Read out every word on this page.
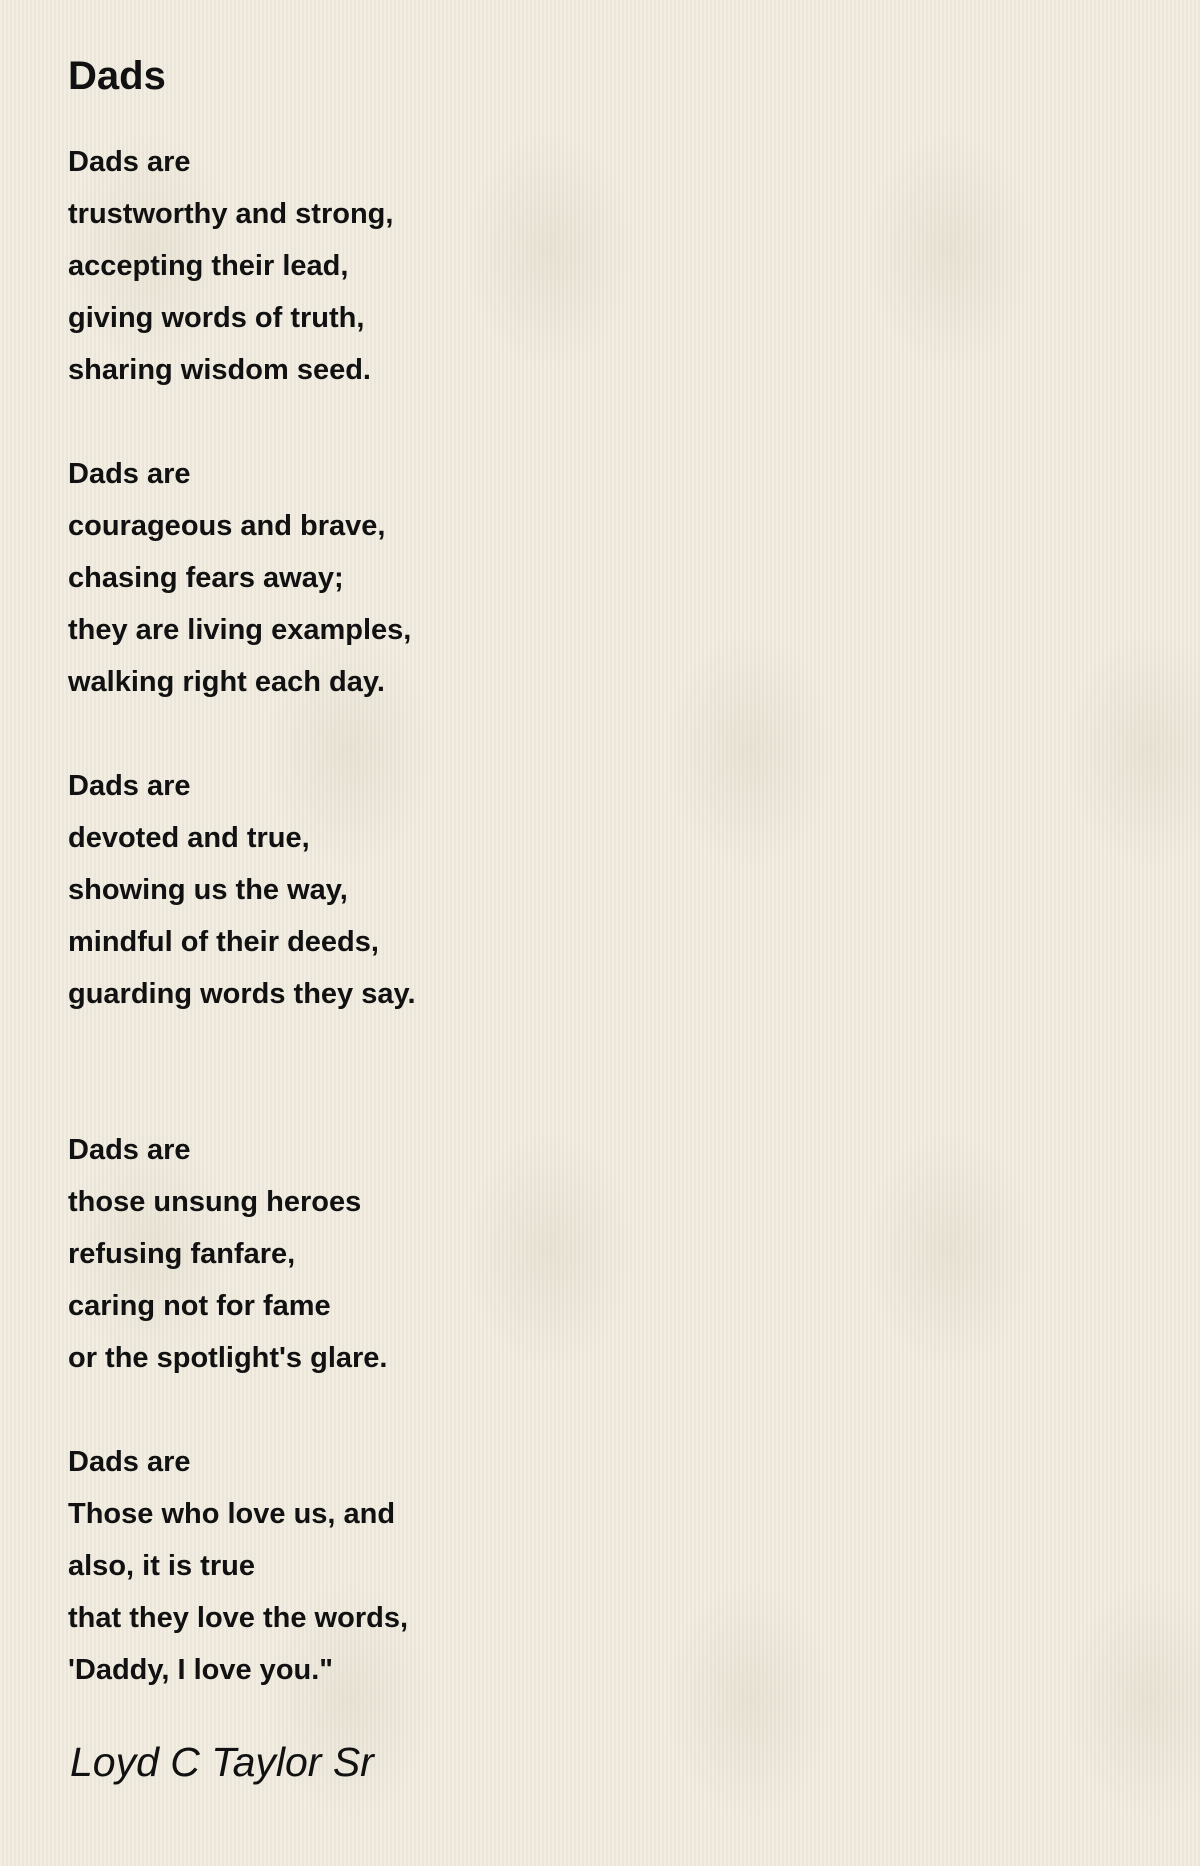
Dads
Dads are
trustworthy and strong,
accepting their lead,
giving words of truth,
sharing wisdom seed.
Dads are
courageous and brave,
chasing fears away;
they are living examples,
walking right each day.
Dads are
devoted and true,
showing us the way,
mindful of their deeds,
guarding words they say.
Dads are
those unsung heroes
refusing fanfare,
caring not for fame
or the spotlight's glare.
Dads are
Those who love us, and
also, it is true
that they love the words,
'Daddy, I love you."
Loyd C Taylor Sr
